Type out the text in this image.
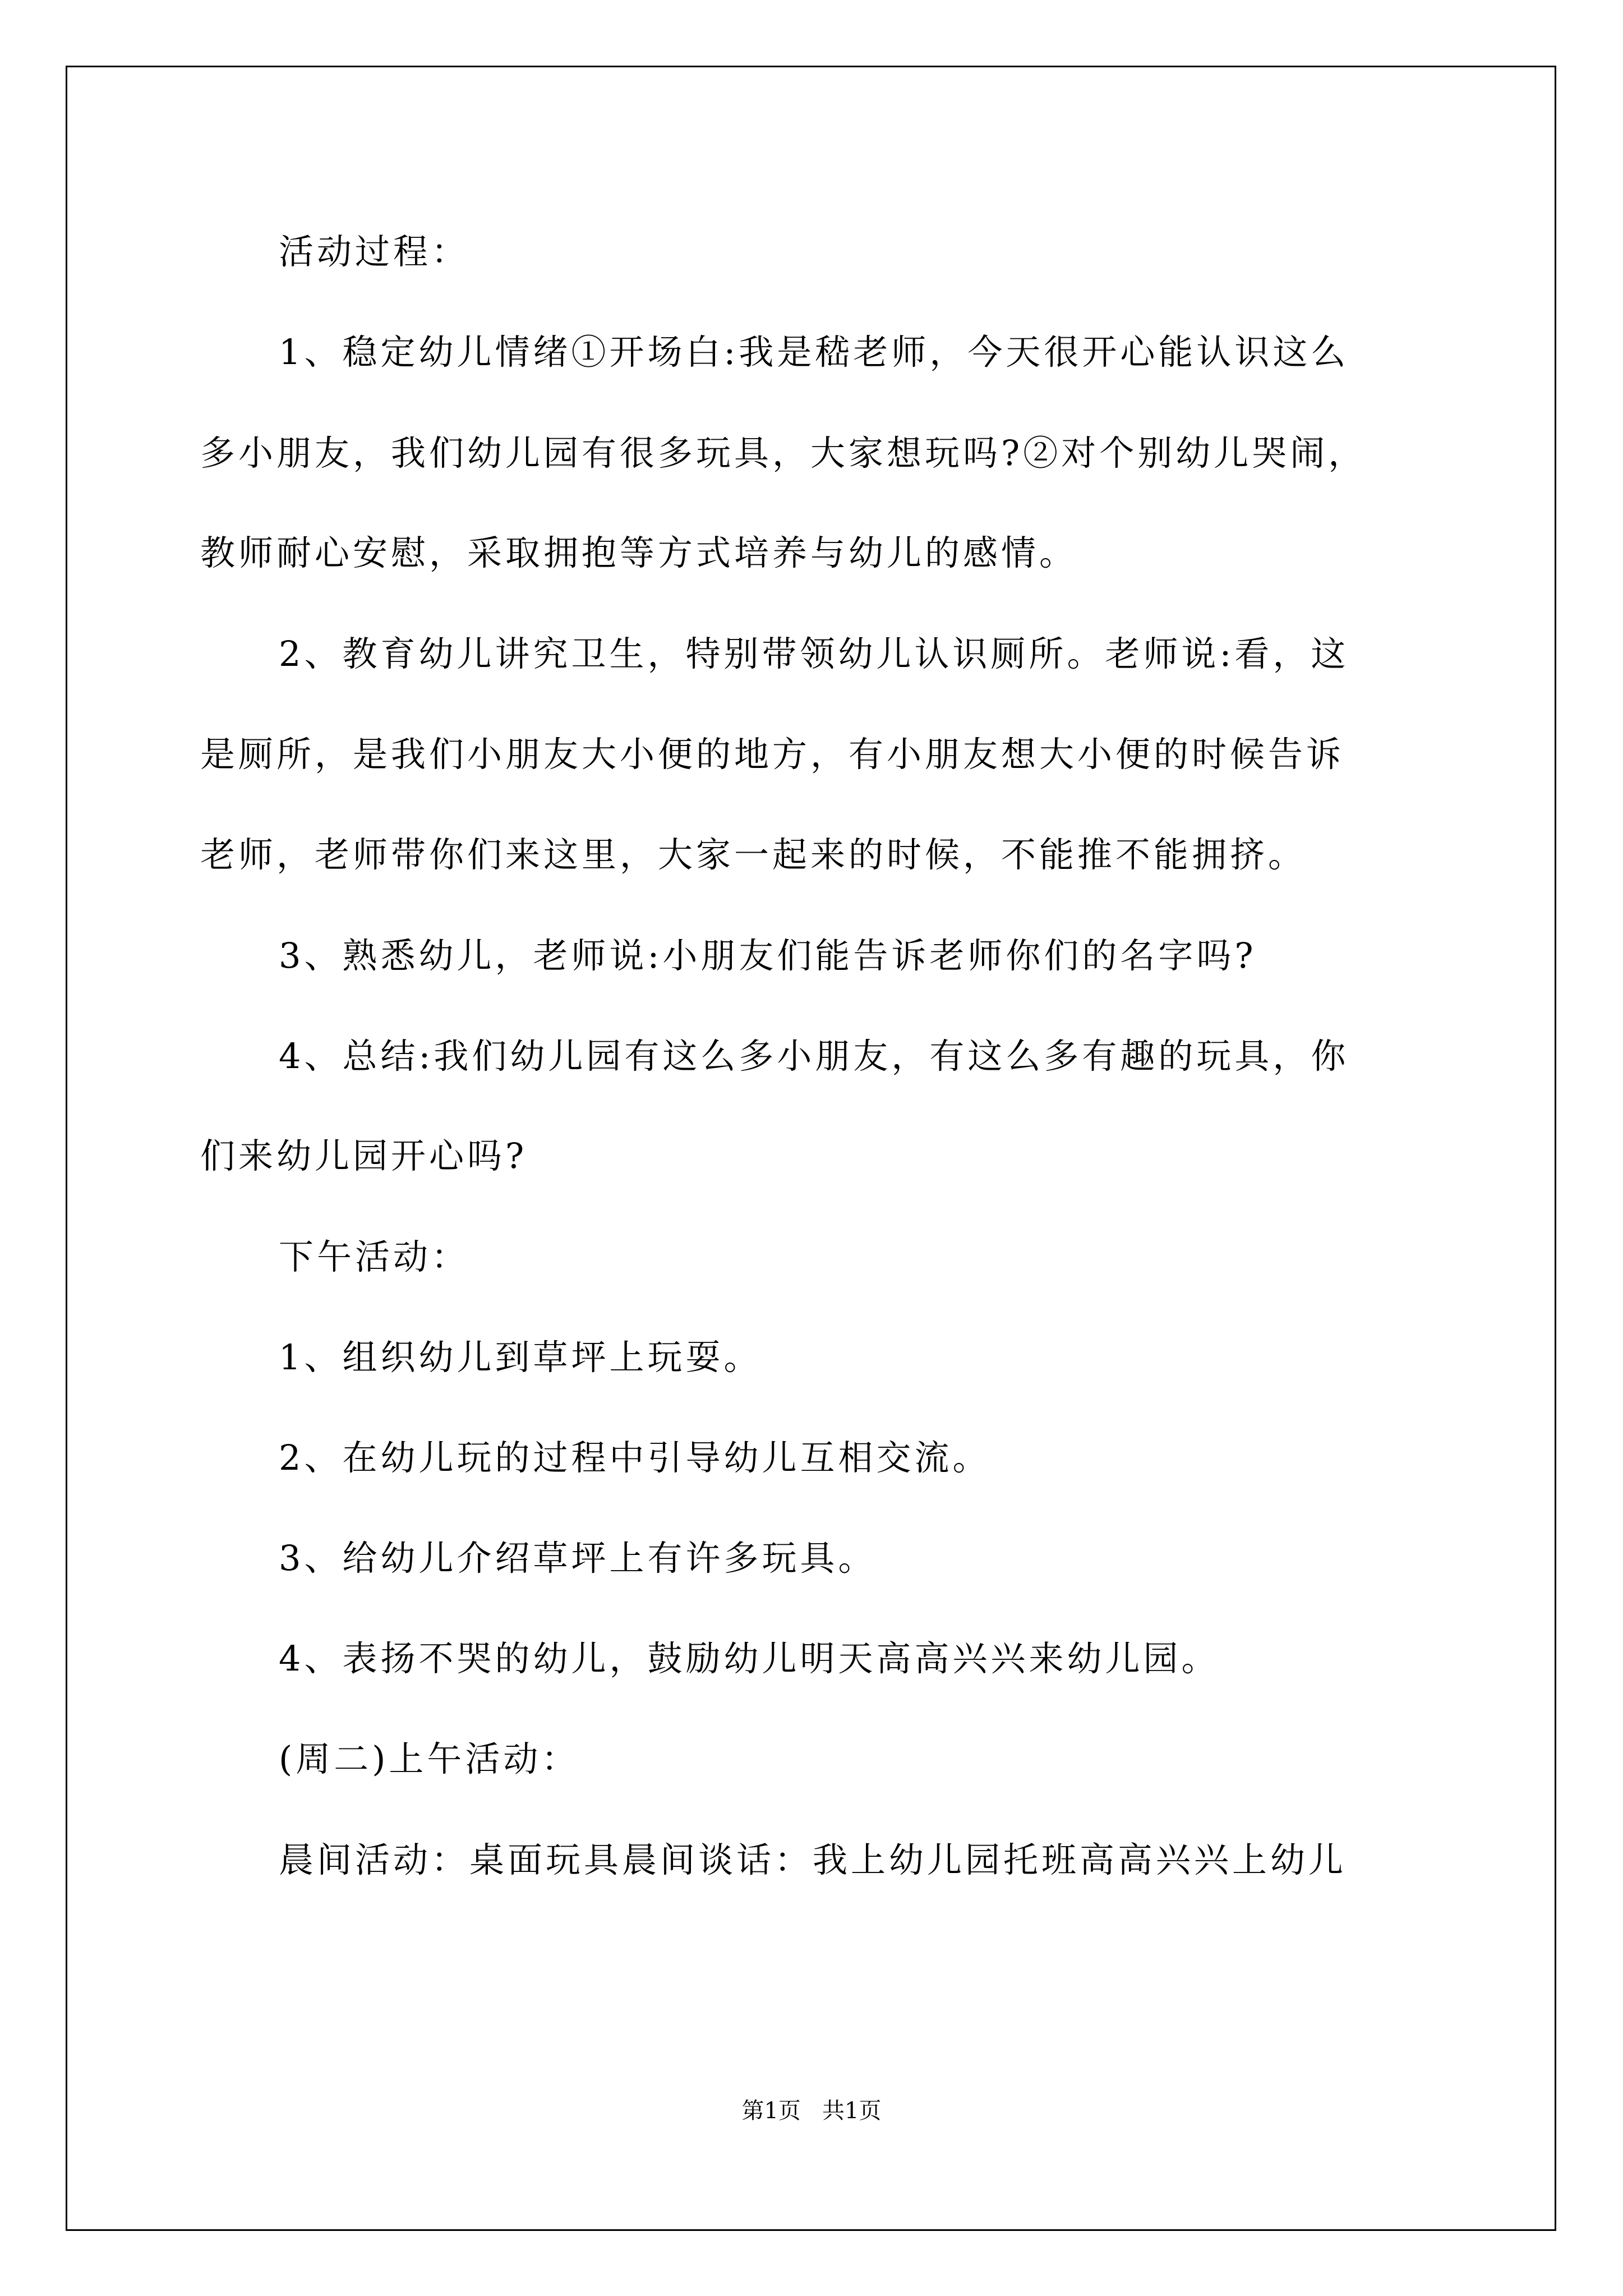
活动过程：
1、稳定幼儿情绪①开场白:我是嵇老师，今天很开心能认识这么
多小朋友，我们幼儿园有很多玩具，大家想玩吗?②对个别幼儿哭闹，
教师耐心安慰，采取拥抱等方式培养与幼儿的感情。
2、教育幼儿讲究卫生，特别带领幼儿认识厕所。老师说:看，这
是厕所，是我们小朋友大小便的地方，有小朋友想大小便的时候告诉
老师，老师带你们来这里，大家一起来的时候，不能推不能拥挤。
3、熟悉幼儿，老师说:小朋友们能告诉老师你们的名字吗?
4、总结:我们幼儿园有这么多小朋友，有这么多有趣的玩具，你
们来幼儿园开心吗?
下午活动：
1、组织幼儿到草坪上玩耍。
2、在幼儿玩的过程中引导幼儿互相交流。
3、给幼儿介绍草坪上有许多玩具。
4、表扬不哭的幼儿，鼓励幼儿明天高高兴兴来幼儿园。
(周二)上午活动：
晨间活动：桌面玩具晨间谈话：我上幼儿园托班高高兴兴上幼儿
第1页   共1页
